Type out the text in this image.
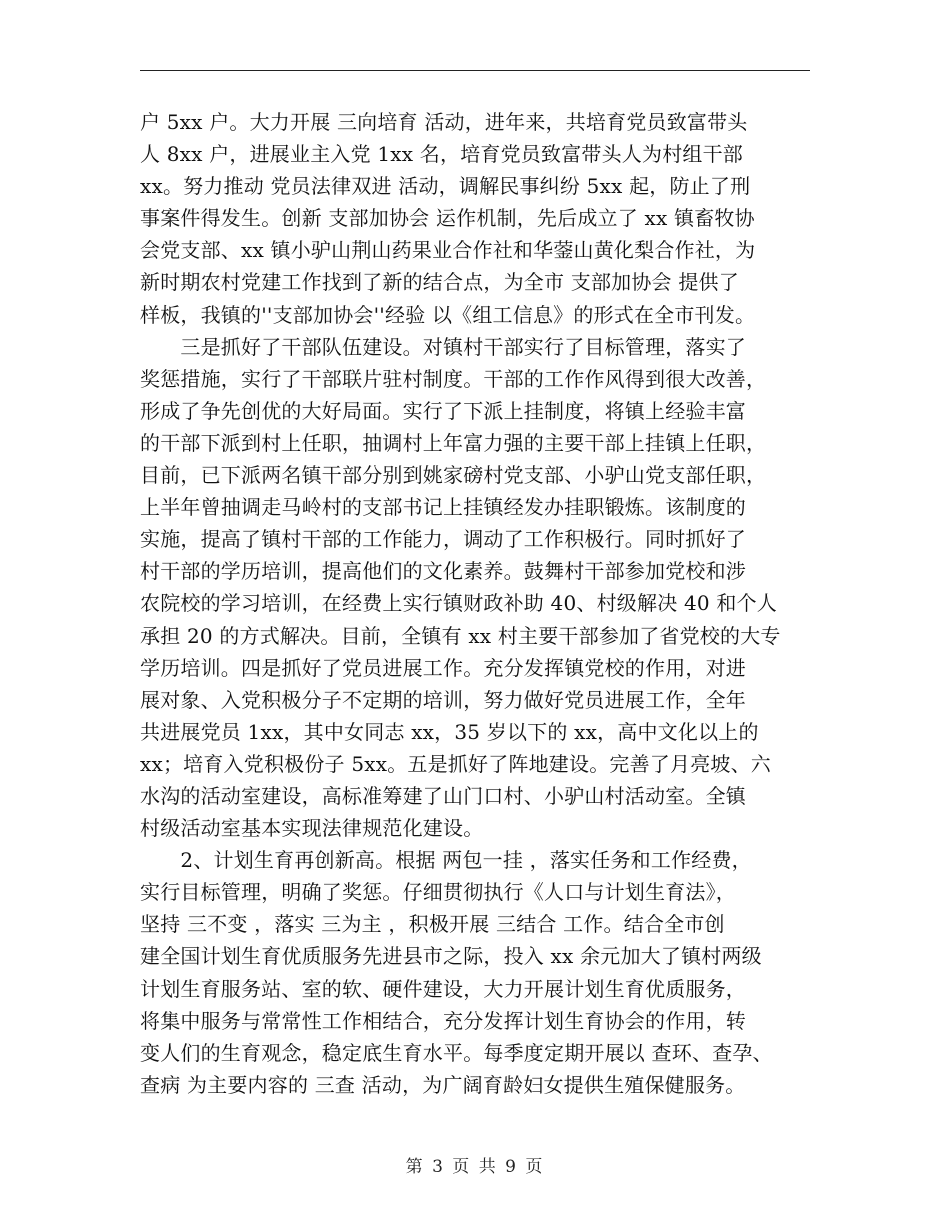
户 5xx 户。大力开展 三向培育 活动，进年来，共培育党员致富带头
人 8xx 户，进展业主入党 1xx 名，培育党员致富带头人为村组干部
xx。努力推动 党员法律双进 活动，调解民事纠纷 5xx 起，防止了刑
事案件得发生。创新 支部加协会 运作机制，先后成立了 xx 镇畜牧协
会党支部、xx 镇小驴山荆山药果业合作社和华蓥山黄化梨合作社，为
新时期农村党建工作找到了新的结合点，为全市 支部加协会 提供了
样板，我镇的''支部加协会''经验 以《组工信息》的形式在全市刊发。
　　三是抓好了干部队伍建设。对镇村干部实行了目标管理，落实了
奖惩措施，实行了干部联片驻村制度。干部的工作作风得到很大改善，
形成了争先创优的大好局面。实行了下派上挂制度，将镇上经验丰富
的干部下派到村上任职，抽调村上年富力强的主要干部上挂镇上任职，
目前，已下派两名镇干部分别到姚家磅村党支部、小驴山党支部任职，
上半年曾抽调走马岭村的支部书记上挂镇经发办挂职锻炼。该制度的
实施，提高了镇村干部的工作能力，调动了工作积极行。同时抓好了
村干部的学历培训，提高他们的文化素养。鼓舞村干部参加党校和涉
农院校的学习培训，在经费上实行镇财政补助 40、村级解决 40 和个人
承担 20 的方式解决。目前，全镇有 xx 村主要干部参加了省党校的大专
学历培训。四是抓好了党员进展工作。充分发挥镇党校的作用，对进
展对象、入党积极分子不定期的培训，努力做好党员进展工作，全年
共进展党员 1xx，其中女同志 xx，35 岁以下的 xx，高中文化以上的
xx；培育入党积极份子 5xx。五是抓好了阵地建设。完善了月亮坡、六
水沟的活动室建设，高标准筹建了山门口村、小驴山村活动室。全镇
村级活动室基本实现法律规范化建设。
　　2、计划生育再创新高。根据 两包一挂 ，落实任务和工作经费，
实行目标管理，明确了奖惩。仔细贯彻执行《人口与计划生育法》，
坚持 三不变 ，落实 三为主 ，积极开展 三结合 工作。结合全市创
建全国计划生育优质服务先进县市之际，投入 xx 余元加大了镇村两级
计划生育服务站、室的软、硬件建设，大力开展计划生育优质服务，
将集中服务与常常性工作相结合，充分发挥计划生育协会的作用，转
变人们的生育观念，稳定底生育水平。每季度定期开展以 查环、查孕、
查病 为主要内容的 三查 活动，为广阔育龄妇女提供生殖保健服务。
第 3 页 共 9 页
